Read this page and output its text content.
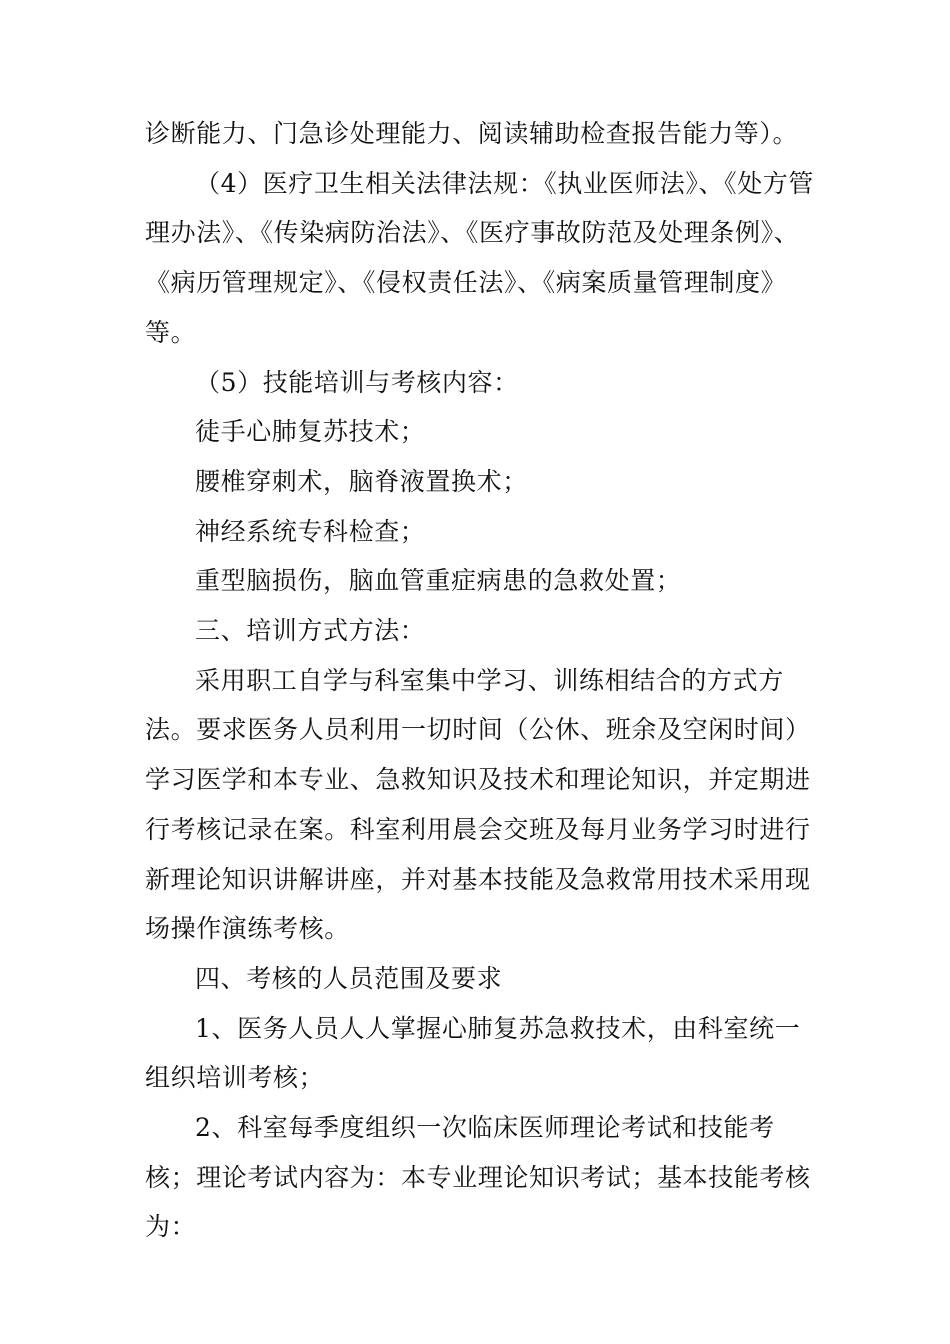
诊断能力、门急诊处理能力、阅读辅助检查报告能力等）。

（4）医疗卫生相关法律法规：《执业医师法》、《处方管理办法》、《传染病防治法》、《医疗事故防范及处理条例》、《病历管理规定》、《侵权责任法》、《病案质量管理制度》等。

（5）技能培训与考核内容：

徒手心肺复苏技术；

腰椎穿刺术，脑脊液置换术；

神经系统专科检查；

重型脑损伤，脑血管重症病患的急救处置；

三、培训方式方法：

采用职工自学与科室集中学习、训练相结合的方式方法。要求医务人员利用一切时间（公休、班余及空闲时间）学习医学和本专业、急救知识及技术和理论知识，并定期进行考核记录在案。科室利用晨会交班及每月业务学习时进行新理论知识讲解讲座，并对基本技能及急救常用技术采用现场操作演练考核。

四、考核的人员范围及要求

1、医务人员人人掌握心肺复苏急救技术，由科室统一组织培训考核；

2、科室每季度组织一次临床医师理论考试和技能考核；理论考试内容为：本专业理论知识考试；基本技能考核为：
